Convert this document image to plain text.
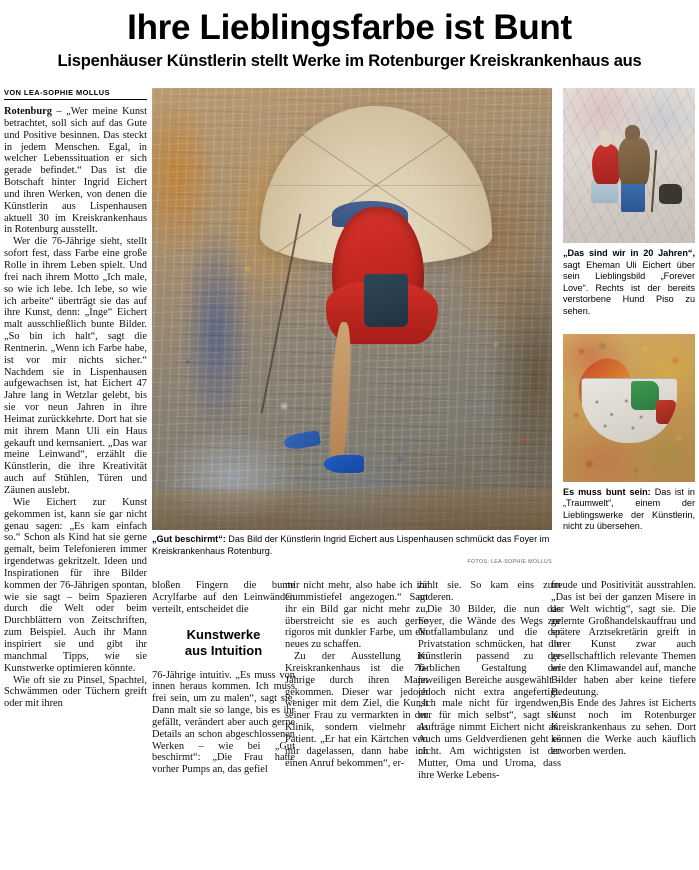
Ihre Lieblingsfarbe ist Bunt
Lispenhäuser Künstlerin stellt Werke im Rotenburger Kreiskrankenhaus aus
VON LEA-SOPHIE MOLLUS

Rotenburg – „Wer meine Kunst betrachtet, soll sich auf das Gute und Positive besinnen. Das steckt in jedem Menschen. Egal, in welcher Lebenssituation er sich gerade befindet.“ Das ist die Botschaft hinter Ingrid Eichert und ihren Werken, von denen die Künstlerin aus Lispenhausen aktuell 30 im Kreiskrankenhaus in Rotenburg ausstellt.

Wer die 76-Jährige sieht, stellt sofort fest, dass Farbe eine große Rolle in ihrem Leben spielt. Und frei nach ihrem Motto „Ich male, so wie ich lebe. Ich lebe, so wie ich arbeite“ überträgt sie das auf ihre Kunst, denn: „Inge“ Eichert malt ausschließlich bunte Bilder. „So bin ich halt“, sagt die Rentnerin. „Wenn ich Farbe habe, ist vor mir nichts sicher.“ Nachdem sie in Lispenhausen aufgewachsen ist, hat Eichert 47 Jahre lang in Wetzlar gelebt, bis sie vor neun Jahren in ihre Heimat zurückkehrte. Dort hat sie mit ihrem Mann Uli ein Haus gekauft und kernsaniert. „Das war meine Leinwand“, erzählt die Künstlerin, die ihre Kreativität auch auf Stühlen, Türen und Zäunen auslebt.

Wie Eichert zur Kunst gekommen ist, kann sie gar nicht genau sagen: „Es kam einfach so.“ Schon als Kind hat sie gerne gemalt, beim Telefonieren immer irgendetwas gekritzelt. Ideen und Inspirationen für ihre Bilder kommen der 76-Jährigen spontan, wie sie sagt – beim Spazieren durch die Welt oder beim Durchblättern von Zeitschriften, zum Beispiel. Auch ihr Mann inspiriert sie und gibt ihr manchmal Tipps, wie sie Kunstwerke optimieren könnte.

Wie oft sie zu Pinsel, Spachtel, Schwämmen oder Tüchern greift oder mit ihren

„Gut beschirmt“: Das Bild der Künstlerin Ingrid Eichert aus Lispenhausen schmückt das Foyer im Kreiskrankenhaus Rotenburg.
FOTOS: LEA-SOPHIE MOLLUS
„Das sind wir in 20 Jahren“, sagt Eheman Uli Eichert über sein Lieblingsbild „Forever Love“. Rechts ist der bereits verstorbene Hund Piso zu sehen.
Es muss bunt sein: Das ist in „Traumwelt“, einem der Lieblingswerke der Künstlerin, nicht zu übersehen.

bloßen Fingern die bunte Acrylfarbe auf den Leinwänden verteilt, entscheidet die

Kunstwerke
aus Intuition

76-Jährige intuitiv. „Es muss von innen heraus kommen. Ich muss frei sein, um zu malen“, sagt sie. Dann malt sie so lange, bis es ihr gefällt, verändert aber auch gerne Details an schon abgeschlossenen Werken – wie bei „Gut beschirmt“: „Die Frau hatte vorher Pumps an, das gefiel

mir nicht mehr, also habe ich ihr Gummistiefel angezogen.“ Sagt ihr ein Bild gar nicht mehr zu, überstreicht sie es auch gerne rigoros mit dunkler Farbe, um ein neues zu schaffen.

Zu der Ausstellung im Kreiskrankenhaus ist die 76-Jährige durch ihren Mann gekommen. Dieser war jedoch weniger mit dem Ziel, die Kunst seiner Frau zu vermarkten in der Klinik, sondern vielmehr als Patient. „Er hat ein Kärtchen von mir dagelassen, dann habe ich einen Anruf bekommen“, er-

zählt sie. So kam eins zum anderen.

Die 30 Bilder, die nun das Foyer, die Wände des Wegs zur Notfallambulanz und die der Privatstation schmücken, hat die Künstlerin passend zu der farblichen Gestaltung der jeweiligen Bereiche ausgewählt – jedoch nicht extra angefertigt. „Ich male nicht für irgendwen, nur für mich selbst“, sagt sie. Aufträge nimmt Eichert nicht an. Auch ums Geldverdienen geht es nicht. Am wichtigsten ist der Mutter, Oma und Uroma, dass ihre Werke Lebens-

freude und Positivität ausstrahlen. „Das ist bei der ganzen Misere in der Welt wichtig“, sagt sie. Die gelernte Großhandelskauffrau und spätere Arztsekretärin greift in ihrer Kunst zwar auch gesellschaftlich relevante Themen wie den Klimawandel auf, manche Bilder haben aber keine tiefere Bedeutung.

Bis Ende des Jahres ist Eicherts Kunst noch im Rotenburger Kreiskrankenhaus zu sehen. Dort können die Werke auch käuflich erworben werden.
